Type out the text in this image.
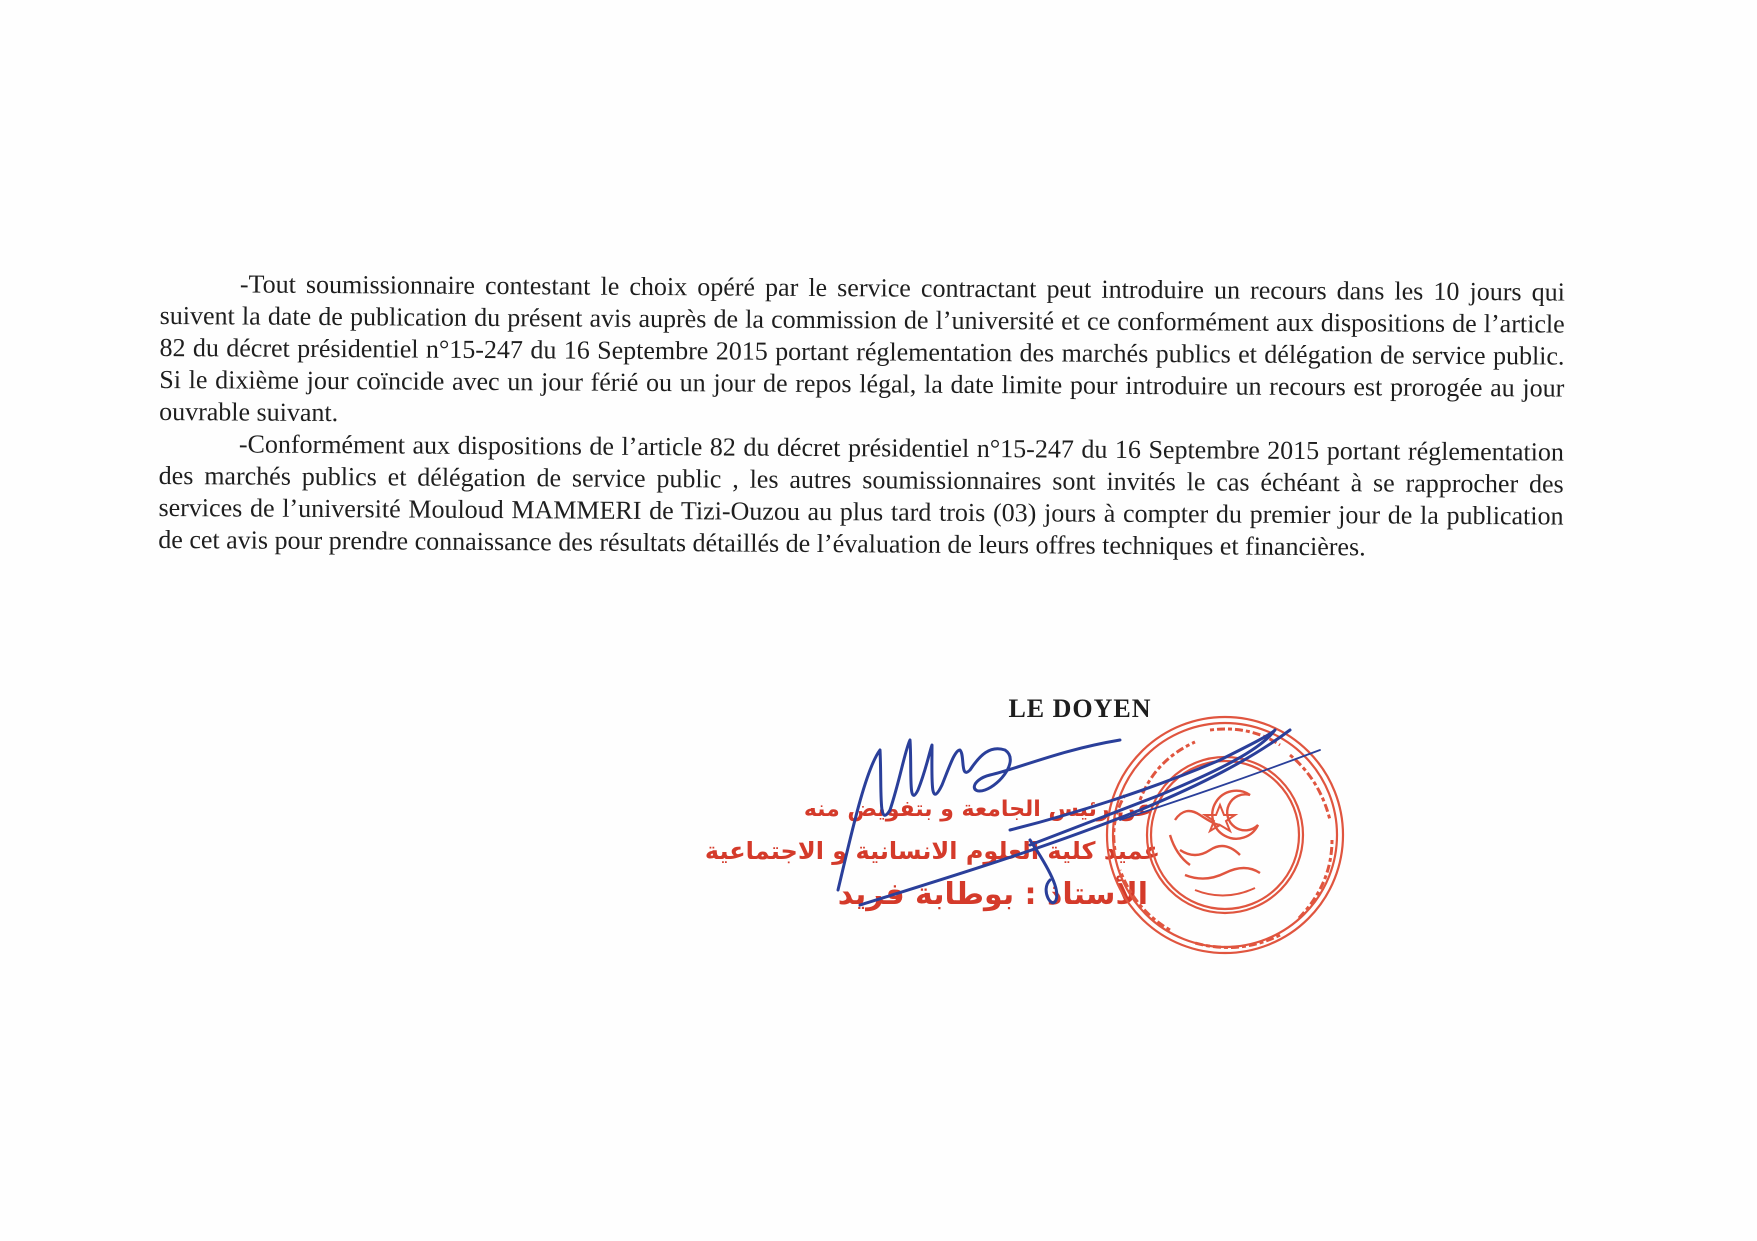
-Tout soumissionnaire contestant le choix opéré par le service contractant peut introduire un recours dans les 10 jours qui suivent la date de publication du présent avis auprès de la commission de l’université et ce conformément aux dispositions de l’article 82 du décret présidentiel n°15-247 du 16 Septembre 2015 portant réglementation des marchés publics et délégation de service public. Si le dixième jour coïncide avec un jour férié ou un jour de repos légal, la date limite pour introduire un recours est prorogée au jour ouvrable suivant.

-Conformément aux dispositions de l’article 82 du décret présidentiel n°15-247 du 16 Septembre 2015 portant réglementation des marchés publics et délégation de service public , les autres soumissionnaires sont invités le cas échéant à se rapprocher des services de l’université Mouloud MAMMERI de Tizi-Ouzou au plus tard trois (03) jours à compter du premier jour de la publication de cet avis pour prendre connaissance des résultats détaillés de l’évaluation de leurs offres techniques et financières.

LE DOYEN

عن رئيس الجامعة و بتفويض منه

عميد كلية العلوم الانسانية و الاجتماعية

الأستاذ : بوطابة فريد
